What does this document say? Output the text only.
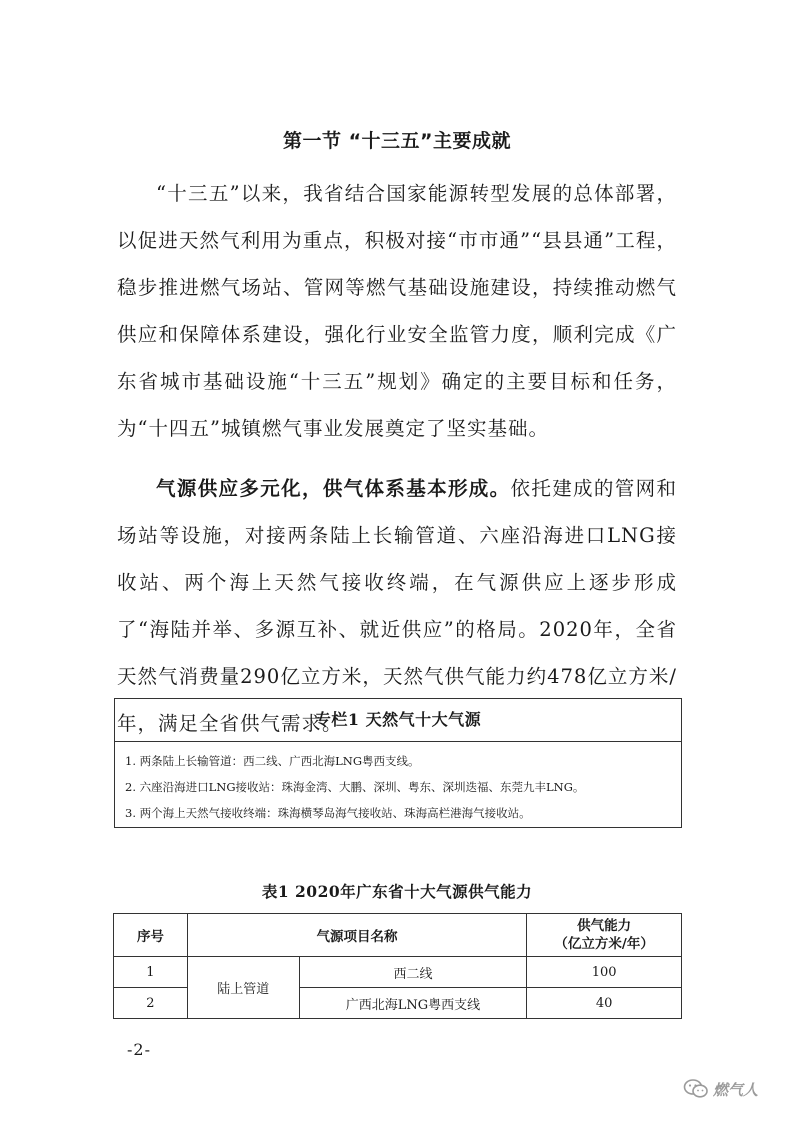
第一节 “十三五”主要成就

“十三五”以来，我省结合国家能源转型发展的总体部署，以促进天然气利用为重点，积极对接“市市通”“县县通”工程，稳步推进燃气场站、管网等燃气基础设施建设，持续推动燃气供应和保障体系建设，强化行业安全监管力度，顺利完成《广东省城市基础设施“十三五”规划》确定的主要目标和任务，为“十四五”城镇燃气事业发展奠定了坚实基础。

气源供应多元化，供气体系基本形成。依托建成的管网和场站等设施，对接两条陆上长输管道、六座沿海进口LNG接收站、两个海上天然气接收终端，在气源供应上逐步形成了“海陆并举、多源互补、就近供应”的格局。2020年，全省天然气消费量290亿立方米，天然气供气能力约478亿立方米/年，满足全省供气需求。

专栏1 天然气十大气源
1. 两条陆上长输管道：西二线、广西北海LNG粤西支线。
2. 六座沿海进口LNG接收站：珠海金湾、大鹏、深圳、粤东、深圳迭福、东莞九丰LNG。
3. 两个海上天然气接收终端：珠海横琴岛海气接收站、珠海高栏港海气接收站。
表1 2020年广东省十大气源供气能力
序号	气源项目名称		供气能力
（亿立方米/年）

1	陆上管道	西二线	100
2		广西北海LNG粤西支线	40
-2-
燃气人
